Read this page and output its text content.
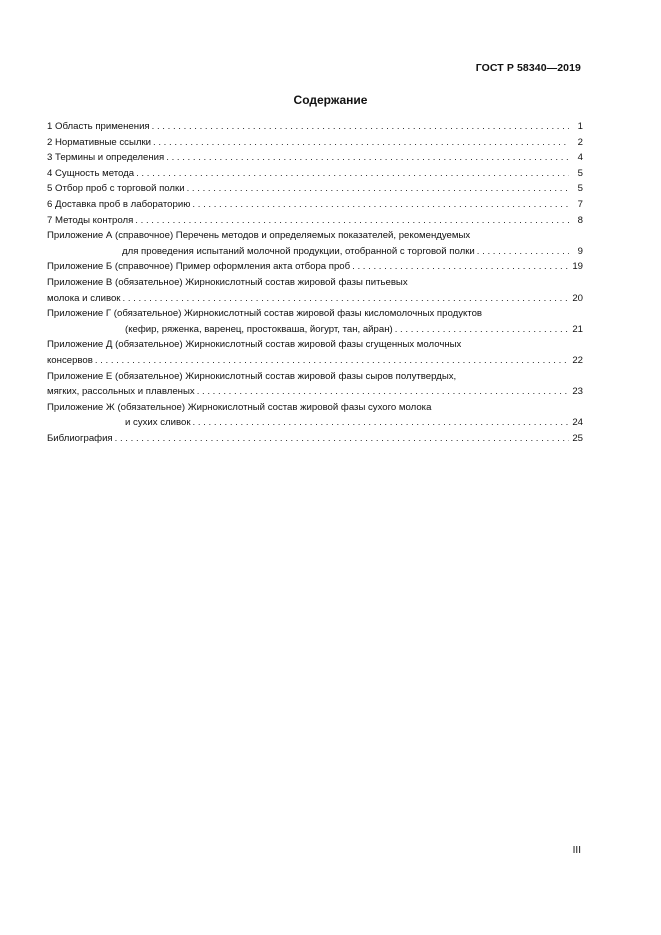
ГОСТ Р 58340—2019
Содержание
1 Область применения . . .	1
2 Нормативные ссылки . . .	2
3 Термины и определения . . .	4
4 Сущность метода . . .	5
5 Отбор проб с торговой полки . . .	5
6 Доставка проб в лабораторию . . .	7
7 Методы контроля . . .	8
Приложение А (справочное) Перечень методов и определяемых показателей, рекомендуемых
для проведения испытаний молочной продукции, отобранной с торговой полки . . .	9
Приложение Б (справочное) Пример оформления акта отбора проб . . .	19
Приложение В (обязательное) Жирнокислотный состав жировой фазы питьевых
молока и сливок . . .	20
Приложение Г (обязательное) Жирнокислотный состав жировой фазы кисломолочных продуктов
(кефир, ряженка, варенец, простокваша, йогурт, тан, айран) . . .	21
Приложение Д (обязательное) Жирнокислотный состав жировой фазы сгущенных молочных
консервов . . .	22
Приложение Е (обязательное) Жирнокислотный состав жировой фазы сыров полутвердых,
мягких, рассольных и плавленых . . .	23
Приложение Ж (обязательное) Жирнокислотный состав жировой фазы сухого молока
и сухих сливок . . .	24
Библиография . . .	25
III
